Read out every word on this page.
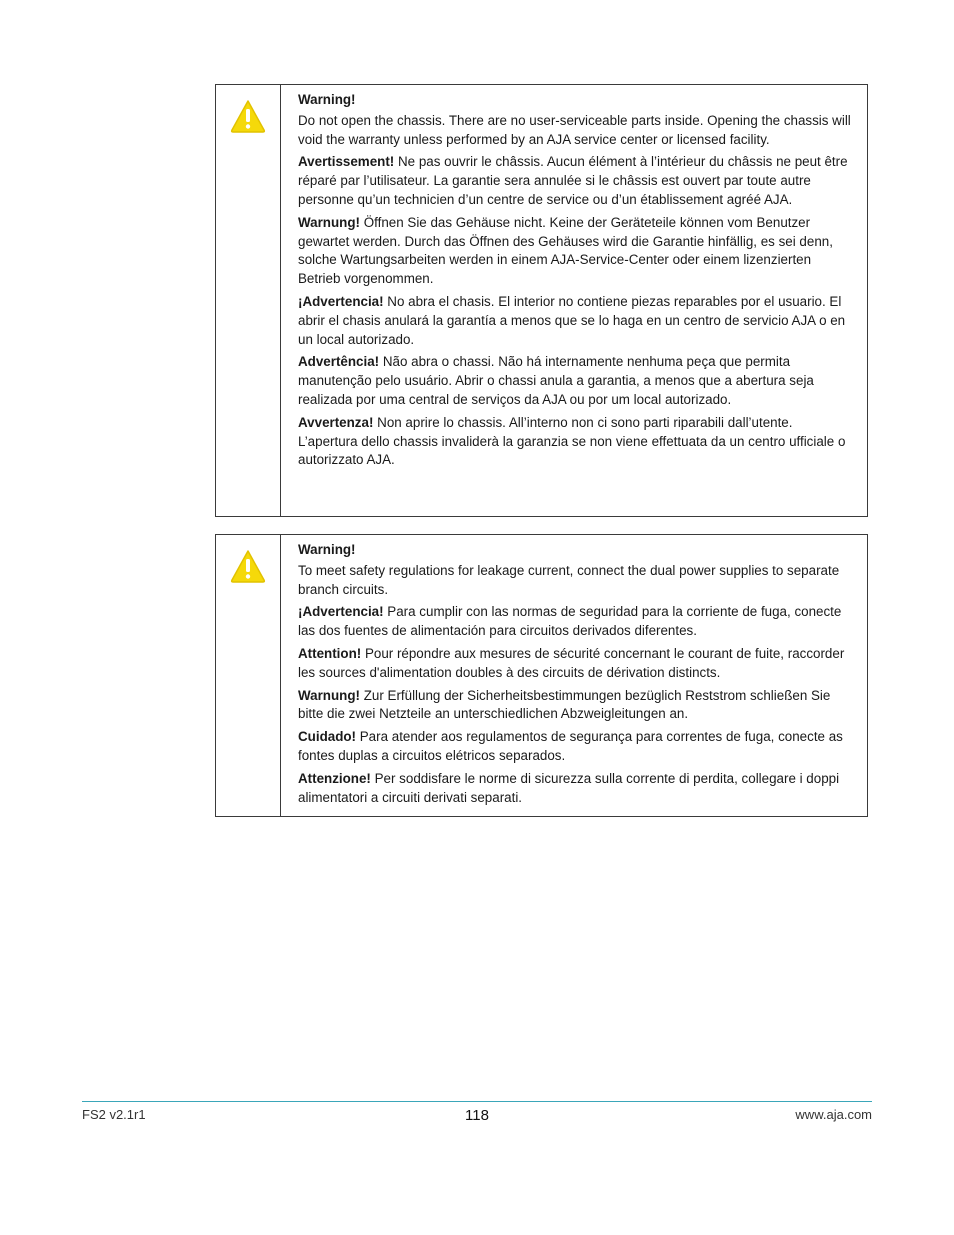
Warning!

Do not open the chassis. There are no user-serviceable parts inside. Opening the chassis will void the warranty unless performed by an AJA service center or licensed facility.

Avertissement! Ne pas ouvrir le châssis. Aucun élément à l’intérieur du châssis ne peut être réparé par l’utilisateur. La garantie sera annulée si le châssis est ouvert par toute autre personne qu’un technicien d’un centre de service ou d’un établissement agréé AJA.

Warnung! Öffnen Sie das Gehäuse nicht. Keine der Geräteteile können vom Benutzer gewartet werden. Durch das Öffnen des Gehäuses wird die Garantie hinfällig, es sei denn, solche Wartungsarbeiten werden in einem AJA-Service-Center oder einem lizenzierten Betrieb vorgenommen.

¡Advertencia! No abra el chasis. El interior no contiene piezas reparables por el usuario. El abrir el chasis anulará la garantía a menos que se lo haga en un centro de servicio AJA o en un local autorizado.

Advertência! Não abra o chassi. Não há internamente nenhuma peça que permita manutenção pelo usuário. Abrir o chassi anula a garantia, a menos que a abertura seja realizada por uma central de serviços da AJA ou por um local autorizado.

Avvertenza! Non aprire lo chassis. All’interno non ci sono parti riparabili dall’utente. L’apertura dello chassis invaliderà la garanzia se non viene effettuata da un centro ufficiale o autorizzato AJA.

Warning!

To meet safety regulations for leakage current, connect the dual power supplies to separate branch circuits.

¡Advertencia! Para cumplir con las normas de seguridad para la corriente de fuga, conecte las dos fuentes de alimentación para circuitos derivados diferentes.

Attention! Pour répondre aux mesures de sécurité concernant le courant de fuite, raccorder les sources d'alimentation doubles à des circuits de dérivation distincts.

Warnung! Zur Erfüllung der Sicherheitsbestimmungen bezüglich Reststrom schließen Sie bitte die zwei Netzteile an unterschiedlichen Abzweigleitungen an.

Cuidado! Para atender aos regulamentos de segurança para correntes de fuga, conecte as fontes duplas a circuitos elétricos separados.

Attenzione! Per soddisfare le norme di sicurezza sulla corrente di perdita, collegare i doppi alimentatori a circuiti derivati separati.

FS2 v2.1r1	118	www.aja.com
